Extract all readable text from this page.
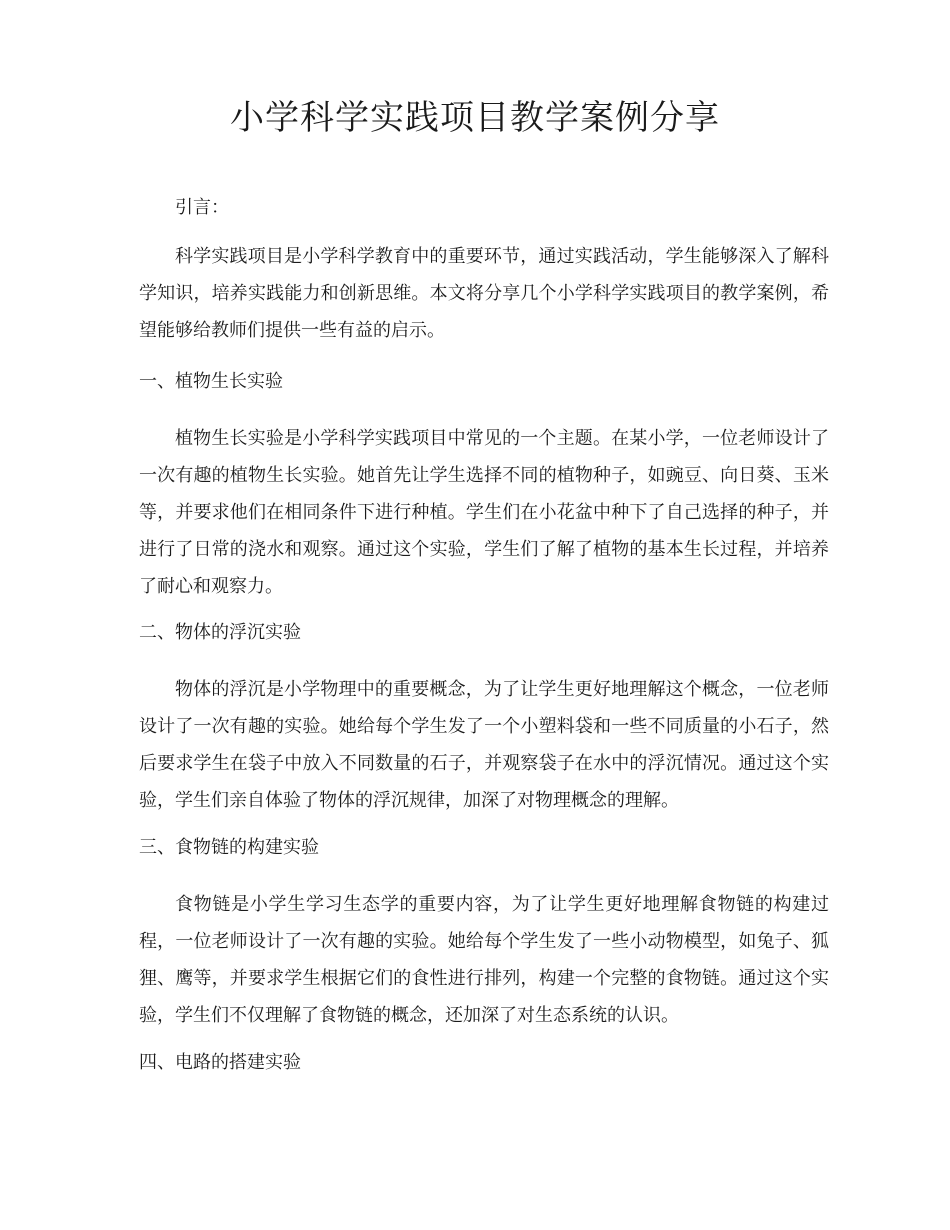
小学科学实践项目教学案例分享

引言：

科学实践项目是小学科学教育中的重要环节，通过实践活动，学生能够深入了解科学知识，培养实践能力和创新思维。本文将分享几个小学科学实践项目的教学案例，希望能够给教师们提供一些有益的启示。

一、植物生长实验

植物生长实验是小学科学实践项目中常见的一个主题。在某小学，一位老师设计了一次有趣的植物生长实验。她首先让学生选择不同的植物种子，如豌豆、向日葵、玉米等，并要求他们在相同条件下进行种植。学生们在小花盆中种下了自己选择的种子，并进行了日常的浇水和观察。通过这个实验，学生们了解了植物的基本生长过程，并培养了耐心和观察力。

二、物体的浮沉实验

物体的浮沉是小学物理中的重要概念，为了让学生更好地理解这个概念，一位老师设计了一次有趣的实验。她给每个学生发了一个小塑料袋和一些不同质量的小石子，然后要求学生在袋子中放入不同数量的石子，并观察袋子在水中的浮沉情况。通过这个实验，学生们亲自体验了物体的浮沉规律，加深了对物理概念的理解。

三、食物链的构建实验

食物链是小学生学习生态学的重要内容，为了让学生更好地理解食物链的构建过程，一位老师设计了一次有趣的实验。她给每个学生发了一些小动物模型，如兔子、狐狸、鹰等，并要求学生根据它们的食性进行排列，构建一个完整的食物链。通过这个实验，学生们不仅理解了食物链的概念，还加深了对生态系统的认识。

四、电路的搭建实验
